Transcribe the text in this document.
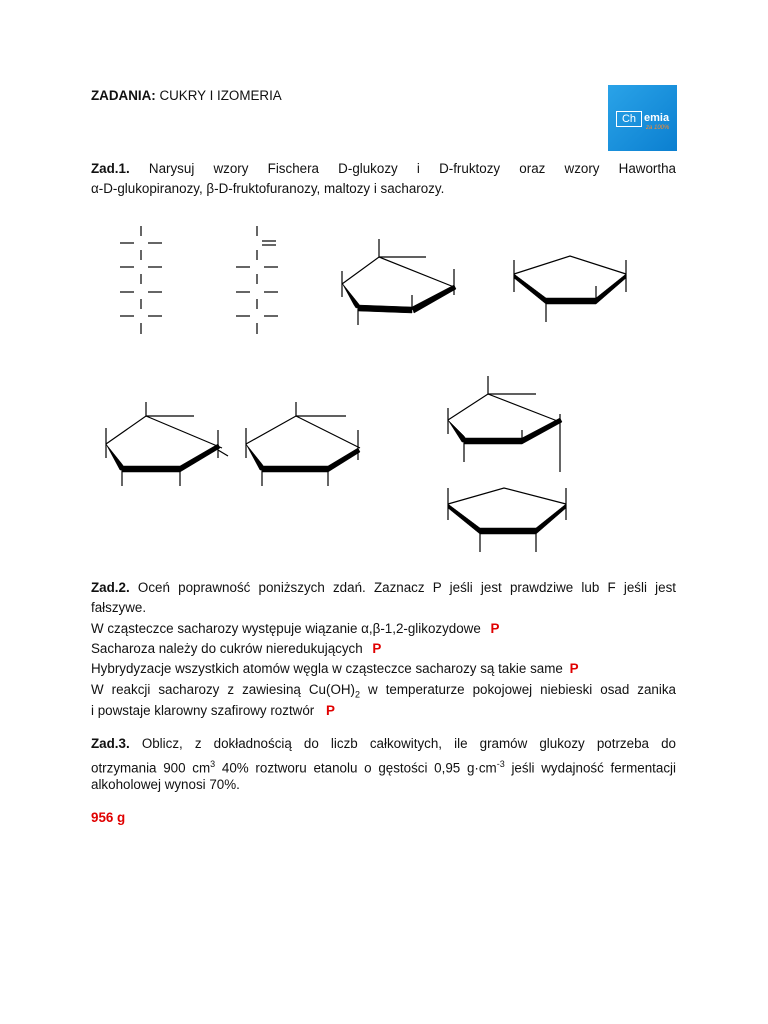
ZADANIA: CUKRY I IZOMERIA
Ch emia
za 100%
Zad.1. Narysuj wzory Fischera D-glukozy i D-fruktozy oraz wzory Hawortha
α-D-glukopiranozy, β-D-fruktofuranozy, maltozy i sacharozy.
Zad.2. Oceń poprawność poniższych zdań. Zaznacz P jeśli jest prawdziwe lub F jeśli jest
fałszywe.
W cząsteczce sacharozy występuje wiązanie α,β-1,2-glikozydowe P
Sacharoza należy do cukrów nieredukujących P
Hybrydyzacje wszystkich atomów węgla w cząsteczce sacharozy są takie same P
W reakcji sacharozy z zawiesiną $Cu(OH)_2$ w temperaturze pokojowej niebieski osad zanika
i powstaje klarowny szafirowy roztwór P
Zad.3. Oblicz, z dokładnością do liczb całkowitych, ile gramów glukozy potrzeba do
otrzymania 900 $cm^3$ 40% roztworu etanolu o gęstości 0,95 $g\cdot cm^{-3}$ jeśli wydajność fermentacji
alkoholowej wynosi 70%.
956 g
